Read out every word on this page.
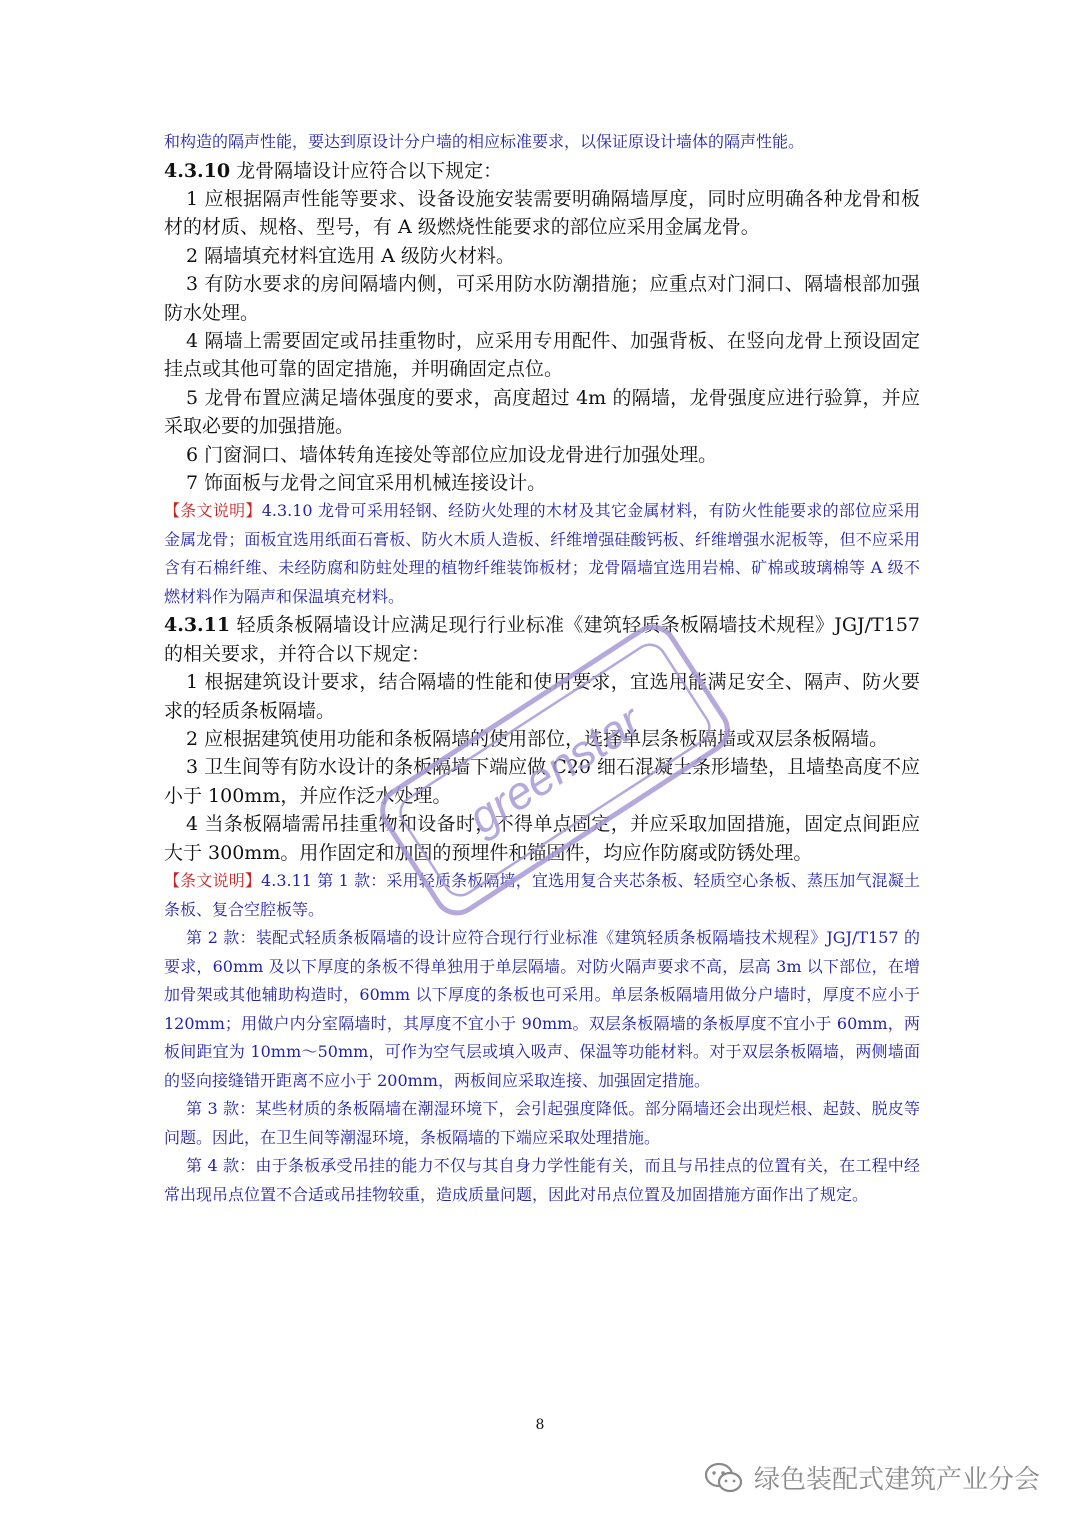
和构造的隔声性能，要达到原设计分户墙的相应标准要求，以保证原设计墙体的隔声性能。

4.3.10 龙骨隔墙设计应符合以下规定：

1 应根据隔声性能等要求、设备设施安装需要明确隔墙厚度，同时应明确各种龙骨和板材的材质、规格、型号，有 A 级燃烧性能要求的部位应采用金属龙骨。

2 隔墙填充材料宜选用 A 级防火材料。

3 有防水要求的房间隔墙内侧，可采用防水防潮措施；应重点对门洞口、隔墙根部加强防水处理。

4 隔墙上需要固定或吊挂重物时，应采用专用配件、加强背板、在竖向龙骨上预设固定挂点或其他可靠的固定措施，并明确固定点位。

5 龙骨布置应满足墙体强度的要求，高度超过 4m 的隔墙，龙骨强度应进行验算，并应采取必要的加强措施。

6 门窗洞口、墙体转角连接处等部位应加设龙骨进行加强处理。

7 饰面板与龙骨之间宜采用机械连接设计。

【条文说明】4.3.10 龙骨可采用轻钢、经防火处理的木材及其它金属材料，有防火性能要求的部位应采用金属龙骨；面板宜选用纸面石膏板、防火木质人造板、纤维增强硅酸钙板、纤维增强水泥板等，但不应采用含有石棉纤维、未经防腐和防蛀处理的植物纤维装饰板材；龙骨隔墙宜选用岩棉、矿棉或玻璃棉等 A 级不燃材料作为隔声和保温填充材料。

4.3.11 轻质条板隔墙设计应满足现行行业标准《建筑轻质条板隔墙技术规程》JGJ/T157 的相关要求，并符合以下规定：

1 根据建筑设计要求，结合隔墙的性能和使用要求，宜选用能满足安全、隔声、防火要求的轻质条板隔墙。

2 应根据建筑使用功能和条板隔墙的使用部位，选择单层条板隔墙或双层条板隔墙。

3 卫生间等有防水设计的条板隔墙下端应做 C20 细石混凝土条形墙垫，且墙垫高度不应小于 100mm，并应作泛水处理。

4 当条板隔墙需吊挂重物和设备时，不得单点固定，并应采取加固措施，固定点间距应大于 300mm。用作固定和加固的预埋件和锚固件，均应作防腐或防锈处理。

【条文说明】4.3.11 第 1 款：采用轻质条板隔墙，宜选用复合夹芯条板、轻质空心条板、蒸压加气混凝土条板、复合空腔板等。

第 2 款：装配式轻质条板隔墙的设计应符合现行行业标准《建筑轻质条板隔墙技术规程》JGJ/T157 的要求，60mm 及以下厚度的条板不得单独用于单层隔墙。对防火隔声要求不高，层高 3m 以下部位，在增加骨架或其他辅助构造时，60mm 以下厚度的条板也可采用。单层条板隔墙用做分户墙时，厚度不应小于 120mm；用做户内分室隔墙时，其厚度不宜小于 90mm。双层条板隔墙的条板厚度不宜小于 60mm，两板间距宜为 10mm～50mm，可作为空气层或填入吸声、保温等功能材料。对于双层条板隔墙，两侧墙面的竖向接缝错开距离不应小于 200mm，两板间应采取连接、加强固定措施。

第 3 款：某些材质的条板隔墙在潮湿环境下，会引起强度降低。部分隔墙还会出现烂根、起鼓、脱皮等问题。因此，在卫生间等潮湿环境，条板隔墙的下端应采取处理措施。

第 4 款：由于条板承受吊挂的能力不仅与其自身力学性能有关，而且与吊挂点的位置有关，在工程中经常出现吊点位置不合适或吊挂物较重，造成质量问题，因此对吊点位置及加固措施方面作出了规定。

greenstar
8
绿色装配式建筑产业分会
